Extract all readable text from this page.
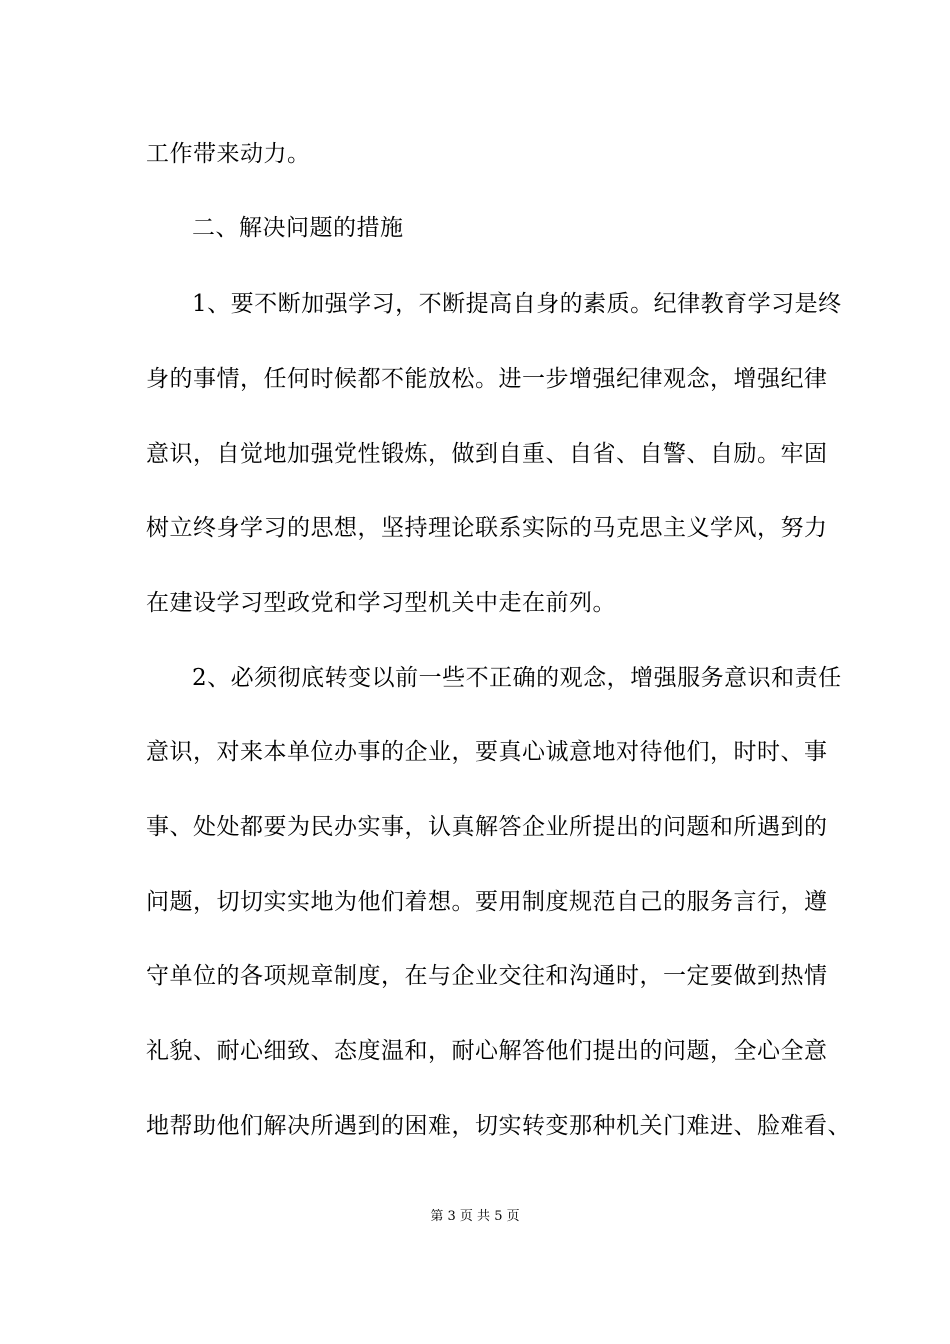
工作带来动力。
二、解决问题的措施
1、要不断加强学习，不断提高自身的素质。纪律教育学习是终
身的事情，任何时候都不能放松。进一步增强纪律观念，增强纪律
意识，自觉地加强党性锻炼，做到自重、自省、自警、自励。牢固
树立终身学习的思想，坚持理论联系实际的马克思主义学风，努力
在建设学习型政党和学习型机关中走在前列。
2、必须彻底转变以前一些不正确的观念，增强服务意识和责任
意识，对来本单位办事的企业，要真心诚意地对待他们，时时、事
事、处处都要为民办实事，认真解答企业所提出的问题和所遇到的
问题，切切实实地为他们着想。要用制度规范自己的服务言行，遵
守单位的各项规章制度，在与企业交往和沟通时，一定要做到热情
礼貌、耐心细致、态度温和，耐心解答他们提出的问题，全心全意
地帮助他们解决所遇到的困难，切实转变那种机关门难进、脸难看、
第 3 页 共 5 页
